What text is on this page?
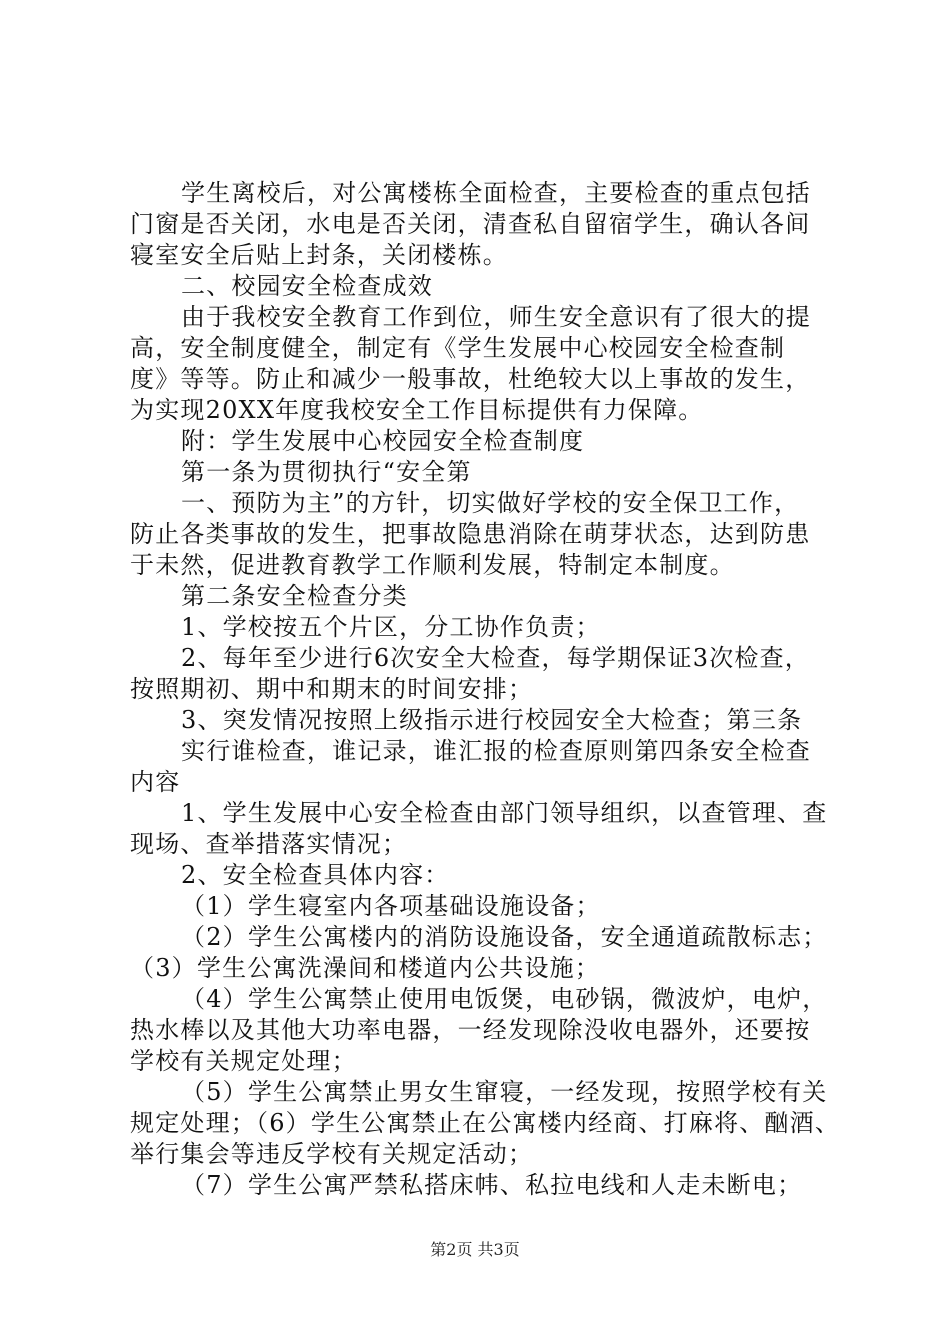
学生离校后，对公寓楼栋全面检查，主要检查的重点包括
门窗是否关闭，水电是否关闭，清查私自留宿学生，确认各间
寝室安全后贴上封条，关闭楼栋。
二、校园安全检查成效
由于我校安全教育工作到位，师生安全意识有了很大的提
高，安全制度健全，制定有《学生发展中心校园安全检查制
度》等等。防止和减少一般事故，杜绝较大以上事故的发生，
为实现20XX年度我校安全工作目标提供有力保障。
附：学生发展中心校园安全检查制度
第一条为贯彻执行“安全第
一、预防为主”的方针，切实做好学校的安全保卫工作，
防止各类事故的发生，把事故隐患消除在萌芽状态，达到防患
于未然，促进教育教学工作顺利发展，特制定本制度。
第二条安全检查分类
1、学校按五个片区，分工协作负责；
2、每年至少进行6次安全大检查，每学期保证3次检查，
按照期初、期中和期末的时间安排；
3、突发情况按照上级指示进行校园安全大检查；第三条
实行谁检查，谁记录，谁汇报的检查原则第四条安全检查
内容
1、学生发展中心安全检查由部门领导组织，以查管理、查
现场、查举措落实情况；
2、安全检查具体内容：
（1）学生寝室内各项基础设施设备；
（2）学生公寓楼内的消防设施设备，安全通道疏散标志；
（3）学生公寓洗澡间和楼道内公共设施；
（4）学生公寓禁止使用电饭煲，电砂锅，微波炉，电炉，
热水棒以及其他大功率电器，一经发现除没收电器外，还要按
学校有关规定处理；
（5）学生公寓禁止男女生窜寝，一经发现，按照学校有关
规定处理；（6）学生公寓禁止在公寓楼内经商、打麻将、酗酒、
举行集会等违反学校有关规定活动；
（7）学生公寓严禁私搭床帏、私拉电线和人走未断电；
第2页 共3页
